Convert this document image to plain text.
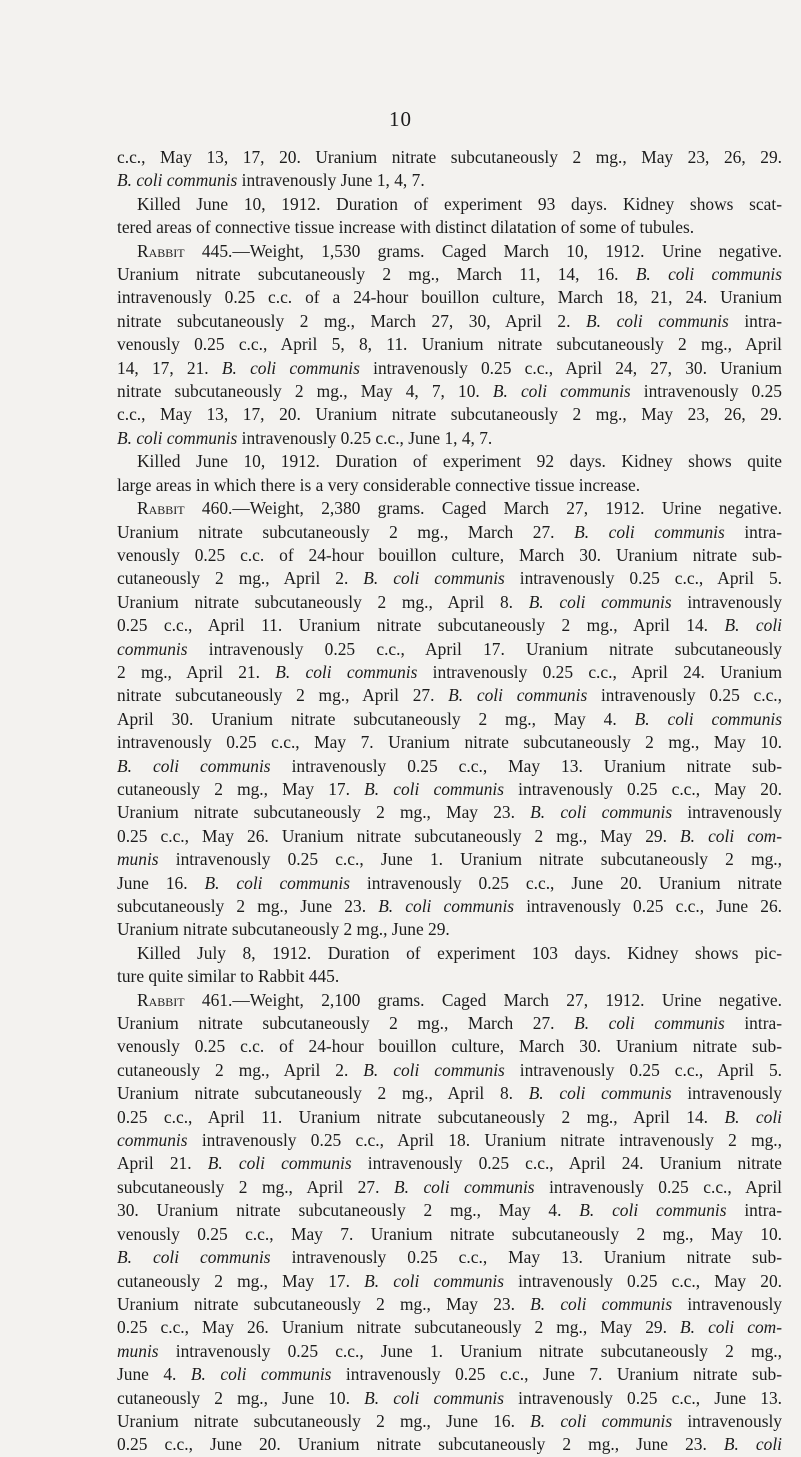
10
c.c., May 13, 17, 20. Uranium nitrate subcutaneously 2 mg., May 23, 26, 29.
B. coli communis intravenously June 1, 4, 7.
Killed June 10, 1912. Duration of experiment 93 days. Kidney shows scat-
tered areas of connective tissue increase with distinct dilatation of some of tubules.
Rabbit 445.—Weight, 1,530 grams. Caged March 10, 1912. Urine negative.
Uranium nitrate subcutaneously 2 mg., March 11, 14, 16. B. coli communis
intravenously 0.25 c.c. of a 24-hour bouillon culture, March 18, 21, 24. Uranium
nitrate subcutaneously 2 mg., March 27, 30, April 2. B. coli communis intra-
venously 0.25 c.c., April 5, 8, 11. Uranium nitrate subcutaneously 2 mg., April
14, 17, 21. B. coli communis intravenously 0.25 c.c., April 24, 27, 30. Uranium
nitrate subcutaneously 2 mg., May 4, 7, 10. B. coli communis intravenously 0.25
c.c., May 13, 17, 20. Uranium nitrate subcutaneously 2 mg., May 23, 26, 29.
B. coli communis intravenously 0.25 c.c., June 1, 4, 7.
Killed June 10, 1912. Duration of experiment 92 days. Kidney shows quite
large areas in which there is a very considerable connective tissue increase.
Rabbit 460.—Weight, 2,380 grams. Caged March 27, 1912. Urine negative.
Uranium nitrate subcutaneously 2 mg., March 27. B. coli communis intra-
venously 0.25 c.c. of 24-hour bouillon culture, March 30. Uranium nitrate sub-
cutaneously 2 mg., April 2. B. coli communis intravenously 0.25 c.c., April 5.
Uranium nitrate subcutaneously 2 mg., April 8. B. coli communis intravenously
0.25 c.c., April 11. Uranium nitrate subcutaneously 2 mg., April 14. B. coli
communis intravenously 0.25 c.c., April 17. Uranium nitrate subcutaneously
2 mg., April 21. B. coli communis intravenously 0.25 c.c., April 24. Uranium
nitrate subcutaneously 2 mg., April 27. B. coli communis intravenously 0.25 c.c.,
April 30. Uranium nitrate subcutaneously 2 mg., May 4. B. coli communis
intravenously 0.25 c.c., May 7. Uranium nitrate subcutaneously 2 mg., May 10.
B. coli communis intravenously 0.25 c.c., May 13. Uranium nitrate sub-
cutaneously 2 mg., May 17. B. coli communis intravenously 0.25 c.c., May 20.
Uranium nitrate subcutaneously 2 mg., May 23. B. coli communis intravenously
0.25 c.c., May 26. Uranium nitrate subcutaneously 2 mg., May 29. B. coli com-
munis intravenously 0.25 c.c., June 1. Uranium nitrate subcutaneously 2 mg.,
June 16. B. coli communis intravenously 0.25 c.c., June 20. Uranium nitrate
subcutaneously 2 mg., June 23. B. coli communis intravenously 0.25 c.c., June 26.
Uranium nitrate subcutaneously 2 mg., June 29.
Killed July 8, 1912. Duration of experiment 103 days. Kidney shows pic-
ture quite similar to Rabbit 445.
Rabbit 461.—Weight, 2,100 grams. Caged March 27, 1912. Urine negative.
Uranium nitrate subcutaneously 2 mg., March 27. B. coli communis intra-
venously 0.25 c.c. of 24-hour bouillon culture, March 30. Uranium nitrate sub-
cutaneously 2 mg., April 2. B. coli communis intravenously 0.25 c.c., April 5.
Uranium nitrate subcutaneously 2 mg., April 8. B. coli communis intravenously
0.25 c.c., April 11. Uranium nitrate subcutaneously 2 mg., April 14. B. coli
communis intravenously 0.25 c.c., April 18. Uranium nitrate intravenously 2 mg.,
April 21. B. coli communis intravenously 0.25 c.c., April 24. Uranium nitrate
subcutaneously 2 mg., April 27. B. coli communis intravenously 0.25 c.c., April
30. Uranium nitrate subcutaneously 2 mg., May 4. B. coli communis intra-
venously 0.25 c.c., May 7. Uranium nitrate subcutaneously 2 mg., May 10.
B. coli communis intravenously 0.25 c.c., May 13. Uranium nitrate sub-
cutaneously 2 mg., May 17. B. coli communis intravenously 0.25 c.c., May 20.
Uranium nitrate subcutaneously 2 mg., May 23. B. coli communis intravenously
0.25 c.c., May 26. Uranium nitrate subcutaneously 2 mg., May 29. B. coli com-
munis intravenously 0.25 c.c., June 1. Uranium nitrate subcutaneously 2 mg.,
June 4. B. coli communis intravenously 0.25 c.c., June 7. Uranium nitrate sub-
cutaneously 2 mg., June 10. B. coli communis intravenously 0.25 c.c., June 13.
Uranium nitrate subcutaneously 2 mg., June 16. B. coli communis intravenously
0.25 c.c., June 20. Uranium nitrate subcutaneously 2 mg., June 23. B. coli
